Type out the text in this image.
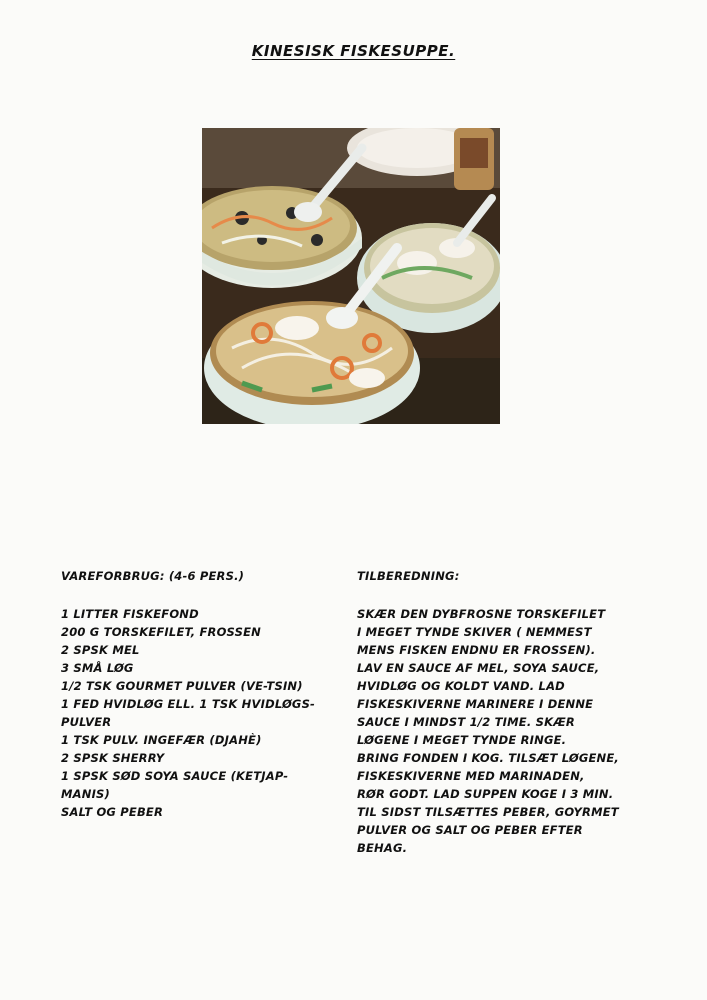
KINESISK FISKESUPPE.
VAREFORBRUG: (4-6 PERS.)
1 LITTER FISKEFOND
200 G TORSKEFILET, FROSSEN
2 SPSK MEL
3 SMÅ LØG
1/2 TSK GOURMET PULVER (VE-TSIN)
1 FED HVIDLØG ELL. 1 TSK HVIDLØGS-
PULVER
1 TSK PULV. INGEFÆR (DJAHÈ)
2 SPSK SHERRY
1 SPSK SØD SOYA SAUCE (KETJAP-
MANIS)
SALT OG PEBER
TILBEREDNING:
SKÆR DEN DYBFROSNE TORSKEFILET
I MEGET TYNDE SKIVER ( NEMMEST
MENS FISKEN ENDNU ER FROSSEN).
LAV EN SAUCE AF MEL, SOYA SAUCE,
HVIDLØG OG KOLDT VAND. LAD
FISKESKIVERNE MARINERE I DENNE
SAUCE I MINDST 1/2 TIME. SKÆR
LØGENE I MEGET TYNDE RINGE.
BRING FONDEN I KOG. TILSÆT LØGENE,
FISKESKIVERNE MED MARINADEN,
RØR GODT. LAD SUPPEN KOGE I 3 MIN.
TIL SIDST TILSÆTTES PEBER, GOYRMET
PULVER OG SALT OG PEBER EFTER
BEHAG.
